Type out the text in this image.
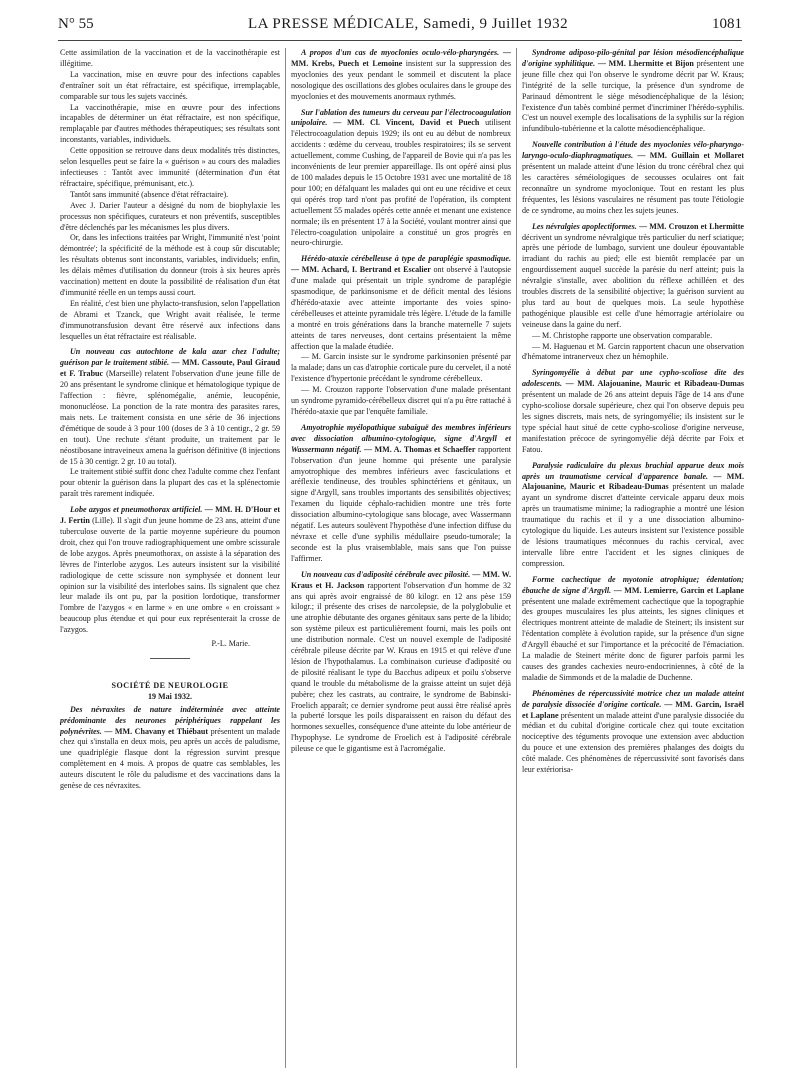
N° 55	LA PRESSE MÉDICALE, Samedi, 9 Juillet 1932	1081

Cette assimilation de la vaccination et de la vaccinothérapie est illégitime.

La vaccination, mise en œuvre pour des infections capables d'entraîner soit un état réfractaire, est spécifique, irremplaçable, comparable sur tous les sujets vaccinés.

La vaccinothérapie, mise en œuvre pour des infections incapables de déterminer un état réfractaire, est non spécifique, remplaçable par d'autres méthodes thérapeutiques; ses résultats sont inconstants, variables, individuels.

Cette opposition se retrouve dans deux modalités très distinctes, selon lesquelles peut se faire la « guérison » au cours des maladies infectieuses : Tantôt avec immunité (détermination d'un état réfractaire, spécifique, prémunisant, etc.).

Tantôt sans immunité (absence d'état réfractaire).

Avec J. Darier l'auteur a désigné du nom de biophylaxie les processus non spécifiques, curateurs et non préventifs, susceptibles d'être déclenchés par les mécanismes les plus divers.

Or, dans les infections traitées par Wright, l'immunité n'est 'point démontrée'; la spécificité de la méthode est à coup sûr discutable; les résultats obtenus sont inconstants, variables, individuels; enfin, les délais mêmes d'utilisation du donneur (trois à six heures après vaccination) mettent en doute la possibilité de réalisation d'un état d'immunité réelle en un temps aussi court.

En réalité, c'est bien une phylacto-transfusion, selon l'appellation de Abrami et Tzanck, que Wright avait réalisée, le terme d'immunotransfusion devant être réservé aux infections dans lesquelles un état réfractaire est réalisable.

Un nouveau cas autochtone de kala azar chez l'adulte; guérison par le traitement stibié. — MM. Cassoute, Paul Giraud et F. Trabuc (Marseille) relatent l'observation d'une jeune fille de 20 ans présentant le syndrome clinique et hématologique typique de l'affection : fièvre, splénomégalie, anémie, leucopénie, mononucléose. La ponction de la rate montra des parasites rares, mais nets. Le traitement consista en une série de 36 injections d'émétique de soude à 3 pour 100 (doses de 3 à 10 centigr., 2 gr. 59 en tout). Une rechute s'étant produite, un traitement par le néostibosane intraveineux amena la guérison définitive (8 injections de 15 à 30 centigr. 2 gr. 10 au total).

Le traitement stibié suffit donc chez l'adulte comme chez l'enfant pour obtenir la guérison dans la plupart des cas et la splénectomie paraît très rarement indiquée.

Lobe azygos et pneumothorax artificiel. — MM. H. D'Hour et J. Fertin (Lille). Il s'agit d'un jeune homme de 23 ans, atteint d'une tuberculose ouverte de la partie moyenne supérieure du poumon droit, chez qui l'on trouve radiographiquement une ombre scissurale de lobe azygos. Après pneumothorax, on assiste à la séparation des lèvres de l'interlobe azygos. Les auteurs insistent sur la visibilité radiologique de cette scissure non symphysée et donnent leur opinion sur la visibilité des interlobes sains. Ils signalent que chez leur malade ils ont pu, par la position lordotique, transformer l'ombre de l'azygos « en larme » en une ombre « en croissant » beaucoup plus étendue et qui pour eux représenterait la crosse de l'azygos.

P.-L. Marie.

SOCIÉTÉ DE NEUROLOGIE

19 Mai 1932.

Des névraxites de nature indéterminée avec atteinte prédominante des neurones périphériques rappelant les polynévrites. — MM. Chavany et Thiébaut présentent un malade chez qui s'installa en deux mois, peu après un accès de paludisme, une quadriplégie flasque dont la régression survint presque complètement en 4 mois. A propos de quatre cas semblables, les auteurs discutent le rôle du paludisme et des vaccinations dans la genèse de ces névraxites.

A propos d'un cas de myoclonies oculo-vélo-pharyngées. — MM. Krebs, Puech et Lemoine insistent sur la suppression des myoclonies des yeux pendant le sommeil et discutent la place nosologique des oscillations des globes oculaires dans le groupe des myoclonies et des mouvements anormaux rythmés.

Sur l'ablation des tumeurs du cerveau par l'électrocoagulation unipolaire. — MM. Cl. Vincent, David et Puech utilisent l'électrocoagulation depuis 1929; ils ont eu au début de nombreux accidents : œdème du cerveau, troubles respiratoires; ils se servent actuellement, comme Cushing, de l'appareil de Bovie qui n'a pas les inconvénients de leur premier appareillage. Ils ont opéré ainsi plus de 100 malades depuis le 15 Octobre 1931 avec une mortalité de 18 pour 100; en défalquant les malades qui ont eu une récidive et ceux qui opérés trop tard n'ont pas profité de l'opération, ils comptent actuellement 55 malades opérés cette année et menant une existence normale; ils en présentent 17 à la Société, voulant montrer ainsi que l'électro-coagulation unipolaire a constitué un gros progrès en neuro-chirurgie.

Hérédo-ataxie cérébelleuse à type de paraplégie spasmodique. — MM. Achard, I. Bertrand et Escalier ont observé à l'autopsie d'une malade qui présentait un triple syndrome de paraplégie spasmodique, de parkinsonisme et de déficit mental des lésions d'hérédo-ataxie avec atteinte importante des voies spino-cérébelleuses et atteinte pyramidale très légère. L'étude de la famille a montré en trois générations dans la branche maternelle 7 sujets atteints de tares nerveuses, dont certains présentaient la même affection que la malade étudiée.

— M. Garcin insiste sur le syndrome parkinsonien présenté par la malade; dans un cas d'atrophie corticale pure du cervelet, il a noté l'existence d'hypertonie précédant le syndrome cérébelleux.

— M. Crouzon rapporte l'observation d'une malade présentant un syndrome pyramido-cérébelleux discret qui n'a pu être rattaché à l'hérédo-ataxie que par l'enquête familiale.

Amyotrophie myélopathique subaiguë des membres inférieurs avec dissociation albumino-cytologique, signe d'Argyll et Wassermann négatif. — MM. A. Thomas et Schaeffer rapportent l'observation d'un jeune homme qui présente une paralysie amyotrophique des membres inférieurs avec fasciculations et aréflexie tendineuse, des troubles sphinctériens et génitaux, un signe d'Argyll, sans troubles importants des sensibilités objectives; l'examen du liquide céphalo-rachidien montre une très forte dissociation albumino-cytologique sans blocage, avec Wassermann négatif. Les auteurs soulèvent l'hypothèse d'une infection diffuse du névraxe et celle d'une syphilis médullaire pseudo-tumorale; la seconde est la plus vraisemblable, mais sans que l'on puisse l'affirmer.

Un nouveau cas d'adiposité cérébrale avec pilosité. — MM. W. Kraus et H. Jackson rapportent l'observation d'un homme de 32 ans qui après avoir engraissé de 80 kilogr. en 12 ans pèse 159 kilogr.; il présente des crises de narcolepsie, de la polyglobulie et une atrophie débutante des organes génitaux sans perte de la libido; son système pileux est particulièrement fourni, mais les poils ont une distribution normale. C'est un nouvel exemple de l'adiposité cérébrale pileuse décrite par W. Kraus en 1915 et qui relève d'une lésion de l'hypothalamus. La combinaison curieuse d'adiposité ou de pilosité réalisant le type du Bacchus adipeux et poilu s'observe quand le trouble du métabolisme de la graisse atteint un sujet déjà pubère; chez les castrats, au contraire, le syndrome de Babinski-Froelich apparaît; ce dernier syndrome peut aussi être réalisé après la puberté lorsque les poils disparaissent en raison du défaut des hormones sexuelles, conséquence d'une atteinte du lobe antérieur de l'hypophyse. Le syndrome de Froelich est à l'adiposité cérébrale pileuse ce que le gigantisme est à l'acromégalie.

Syndrome adiposo-pilo-génital par lésion mésodiencéphalique d'origine syphilitique. — MM. Lhermitte et Bijon présentent une jeune fille chez qui l'on observe le syndrome décrit par W. Kraus; l'intégrité de la selle turcique, la présence d'un syndrome de Parinaud démontrent le siège mésodiencéphalique de la lésion; l'existence d'un tabès combiné permet d'incriminer l'hérédo-syphilis. C'est un nouvel exemple des localisations de la syphilis sur la région infundibulo-tubérienne et la calotte mésodiencéphalique.

Nouvelle contribution à l'étude des myoclonies vélo-pharyngo-laryngo-oculo-diaphragmatiques. — MM. Guillain et Mollaret présentent un malade atteint d'une lésion du tronc cérébral chez qui les caractères séméiologiques de secousses oculaires ont fait reconnaître un syndrome myoclonique. Tout en restant les plus fréquentes, les lésions vasculaires ne résument pas toute l'étiologie de ce syndrome, au moins chez les sujets jeunes.

Les névralgies apoplectiformes. — MM. Crouzon et Lhermitte décrivent un syndrome névralgique très particulier du nerf sciatique; après une période de lumbago, survient une douleur épouvantable irradiant du rachis au pied; elle est bientôt remplacée par un engourdissement auquel succède la parésie du nerf atteint; puis la névralgie s'installe, avec abolition du réflexe achilléen et des troubles discrets de la sensibilité objective; la guérison survient au plus tard au bout de quelques mois. La seule hypothèse pathogénique plausible est celle d'une hémorragie artériolaire ou veineuse dans la gaine du nerf.

— M. Christophe rapporte une observation comparable.

— M. Haguenau et M. Garcin rapportent chacun une observation d'hématome intranerveux chez un hémophile.

Syringomyélie à début par une cypho-scoliose dite des adolescents. — MM. Alajouanine, Mauric et Ribadeau-Dumas présentent un malade de 26 ans atteint depuis l'âge de 14 ans d'une cypho-scoliose dorsale supérieure, chez qui l'on observe depuis peu les signes discrets, mais nets, de syringomyélie; ils insistent sur le type spécial haut situé de cette cypho-scoliose d'origine nerveuse, manifestation précoce de syringomyélie déjà décrite par Foix et Fatou.

Paralysie radiculaire du plexus brachial apparue deux mois après un traumatisme cervical d'apparence banale. — MM. Alajouanine, Mauric et Ribadeau-Dumas présentent un malade ayant un syndrome discret d'atteinte cervicale apparu deux mois après un traumatisme minime; la radiographie a montré une lésion traumatique du rachis et il y a une dissociation albumino-cytologique du liquide. Les auteurs insistent sur l'existence possible de lésions traumatiques méconnues du rachis cervical, avec intervalle libre entre l'accident et les signes cliniques de compression.

Forme cachectique de myotonie atrophique; édentation; ébauche de signe d'Argyll. — MM. Lemierre, Garcin et Laplane présentent une malade extrêmement cachectique que la topographie des groupes musculaires les plus atteints, les signes cliniques et électriques montrent atteinte de maladie de Steinert; ils insistent sur l'édentation complète à évolution rapide, sur la présence d'un signe d'Argyll ébauché et sur l'importance et la précocité de l'émaciation. La maladie de Steinert mérite donc de figurer parfois parmi les causes des grandes cachexies neuro-endocriniennes, à côté de la maladie de Simmonds et de la maladie de Duchenne.

Phénomènes de répercussivité motrice chez un malade atteint de paralysie dissociée d'origine corticale. — MM. Garcin, Israël et Laplane présentent un malade atteint d'une paralysie dissociée du médian et du cubital d'origine corticale chez qui toute excitation nociceptive des téguments provoque une extension avec abduction du pouce et une extension des premières phalanges des doigts du côté malade. Ces phénomènes de répercussivité sont favorisés dans leur extériorisa-
